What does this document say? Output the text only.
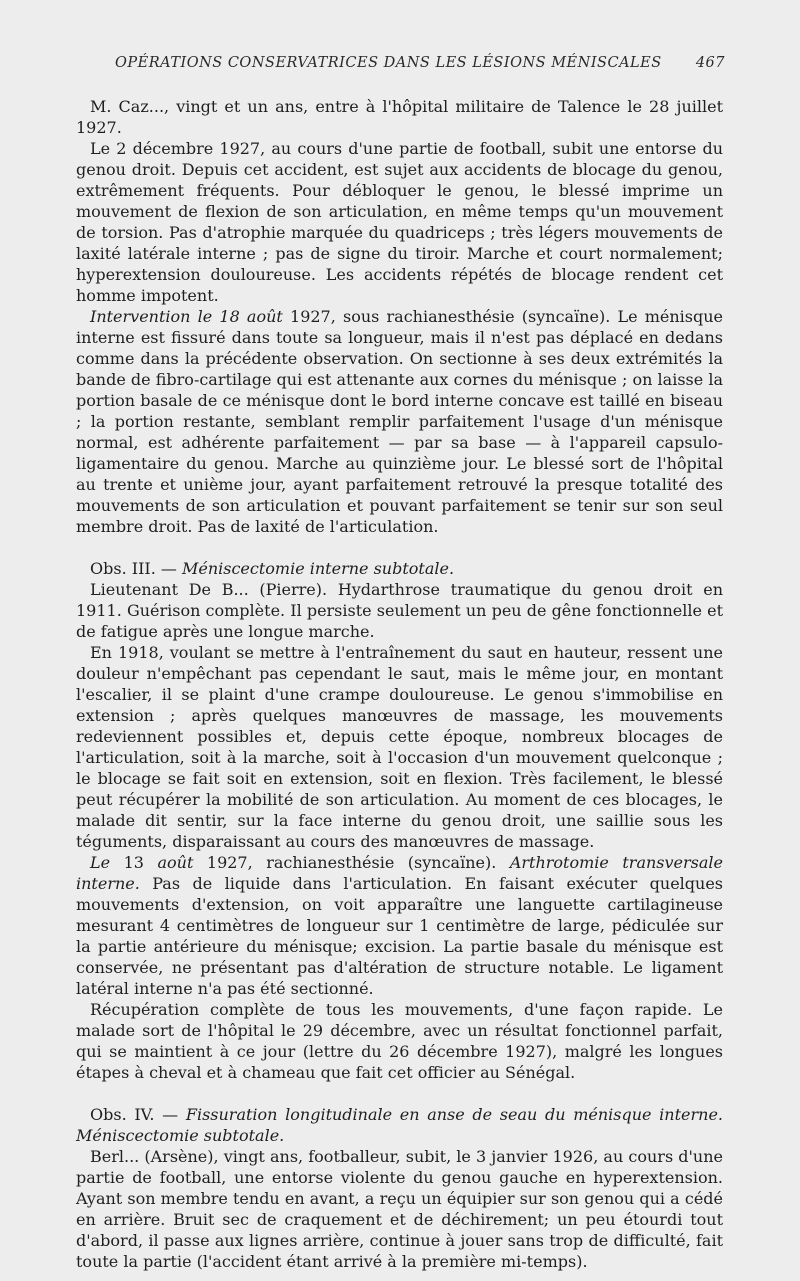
OPÉRATIONS CONSERVATRICES DANS LES LÉSIONS MÉNISCALES 467

M. Caz..., vingt et un ans, entre à l'hôpital militaire de Talence le 28 juillet 1927.

Le 2 décembre 1927, au cours d'une partie de football, subit une entorse du genou droit. Depuis cet accident, est sujet aux accidents de blocage du genou, extrêmement fréquents. Pour débloquer le genou, le blessé imprime un mouvement de flexion de son articulation, en même temps qu'un mouvement de torsion. Pas d'atrophie marquée du quadriceps ; très légers mouvements de laxité latérale interne ; pas de signe du tiroir. Marche et court normalement; hyperextension douloureuse. Les accidents répétés de blocage rendent cet homme impotent.

Intervention le 18 août 1927, sous rachianesthésie (syncaïne). Le ménisque interne est fissuré dans toute sa longueur, mais il n'est pas déplacé en dedans comme dans la précédente observation. On sectionne à ses deux extrémités la bande de fibro-cartilage qui est attenante aux cornes du ménisque ; on laisse la portion basale de ce ménisque dont le bord interne concave est taillé en biseau ; la portion restante, semblant remplir parfaitement l'usage d'un ménisque normal, est adhérente parfaitement — par sa base — à l'appareil capsulo-ligamentaire du genou. Marche au quinzième jour. Le blessé sort de l'hôpital au trente et unième jour, ayant parfaitement retrouvé la presque totalité des mouvements de son articulation et pouvant parfaitement se tenir sur son seul membre droit. Pas de laxité de l'articulation.

Obs. III. — Méniscectomie interne subtotale.

Lieutenant De B... (Pierre). Hydarthrose traumatique du genou droit en 1911. Guérison complète. Il persiste seulement un peu de gêne fonctionnelle et de fatigue après une longue marche.

En 1918, voulant se mettre à l'entraînement du saut en hauteur, ressent une douleur n'empêchant pas cependant le saut, mais le même jour, en montant l'escalier, il se plaint d'une crampe douloureuse. Le genou s'immobilise en extension ; après quelques manœuvres de massage, les mouvements redeviennent possibles et, depuis cette époque, nombreux blocages de l'articulation, soit à la marche, soit à l'occasion d'un mouvement quelconque ; le blocage se fait soit en extension, soit en flexion. Très facilement, le blessé peut récupérer la mobilité de son articulation. Au moment de ces blocages, le malade dit sentir, sur la face interne du genou droit, une saillie sous les téguments, disparaissant au cours des manœuvres de massage.

Le 13 août 1927, rachianesthésie (syncaïne). Arthrotomie transversale interne. Pas de liquide dans l'articulation. En faisant exécuter quelques mouvements d'extension, on voit apparaître une languette cartilagineuse mesurant 4 centimètres de longueur sur 1 centimètre de large, pédiculée sur la partie antérieure du ménisque; excision. La partie basale du ménisque est conservée, ne présentant pas d'altération de structure notable. Le ligament latéral interne n'a pas été sectionné.

Récupération complète de tous les mouvements, d'une façon rapide. Le malade sort de l'hôpital le 29 décembre, avec un résultat fonctionnel parfait, qui se maintient à ce jour (lettre du 26 décembre 1927), malgré les longues étapes à cheval et à chameau que fait cet officier au Sénégal.

Obs. IV. — Fissuration longitudinale en anse de seau du ménisque interne. Méniscectomie subtotale.

Berl... (Arsène), vingt ans, footballeur, subit, le 3 janvier 1926, au cours d'une partie de football, une entorse violente du genou gauche en hyperextension. Ayant son membre tendu en avant, a reçu un équipier sur son genou qui a cédé en arrière. Bruit sec de craquement et de déchirement; un peu étourdi tout d'abord, il passe aux lignes arrière, continue à jouer sans trop de difficulté, fait toute la partie (l'accident étant arrivé à la première mi-temps).
